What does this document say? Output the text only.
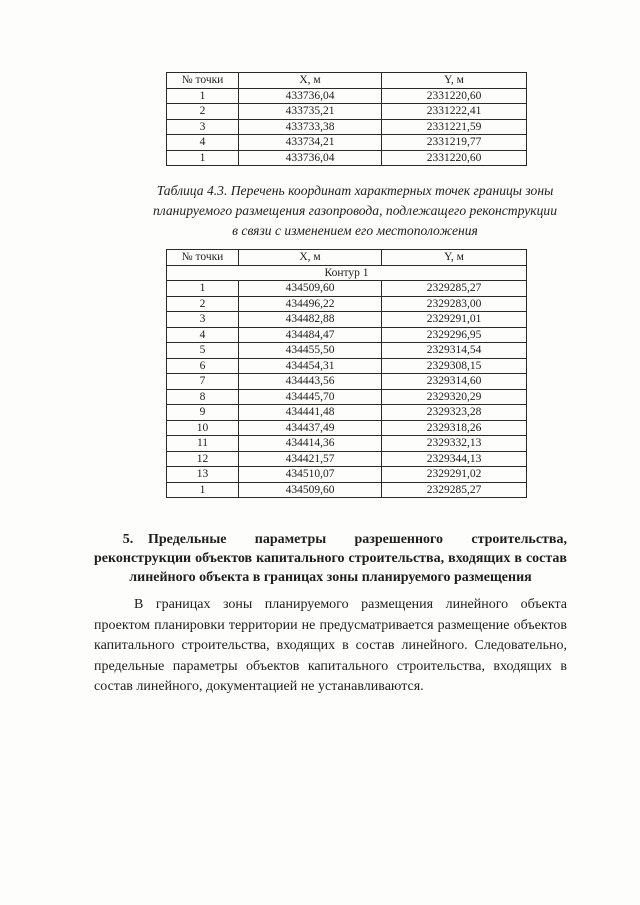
№ точки	X, м	Y, м
1	433736,04	2331220,60
2	433735,21	2331222,41
3	433733,38	2331221,59
4	433734,21	2331219,77
1	433736,04	2331220,60
Таблица 4.3. Перечень координат характерных точек границы зоны планируемого размещения газопровода, подлежащего реконструкции в связи с изменением его местоположения
№ точки	X, м	Y, м
Контур 1		
1	434509,60	2329285,27
2	434496,22	2329283,00
3	434482,88	2329291,01
4	434484,47	2329296,95
5	434455,50	2329314,54
6	434454,31	2329308,15
7	434443,56	2329314,60
8	434445,70	2329320,29
9	434441,48	2329323,28
10	434437,49	2329318,26
11	434414,36	2329332,13
12	434421,57	2329344,13
13	434510,07	2329291,02
1	434509,60	2329285,27
5. Предельные параметры разрешенного строительства, реконструкции объектов капитального строительства, входящих в состав линейного объекта в границах зоны планируемого размещения
В границах зоны планируемого размещения линейного объекта проектом планировки территории не предусматривается размещение объектов капитального строительства, входящих в состав линейного. Следовательно, предельные параметры объектов капитального строительства, входящих в состав линейного, документацией не устанавливаются.
